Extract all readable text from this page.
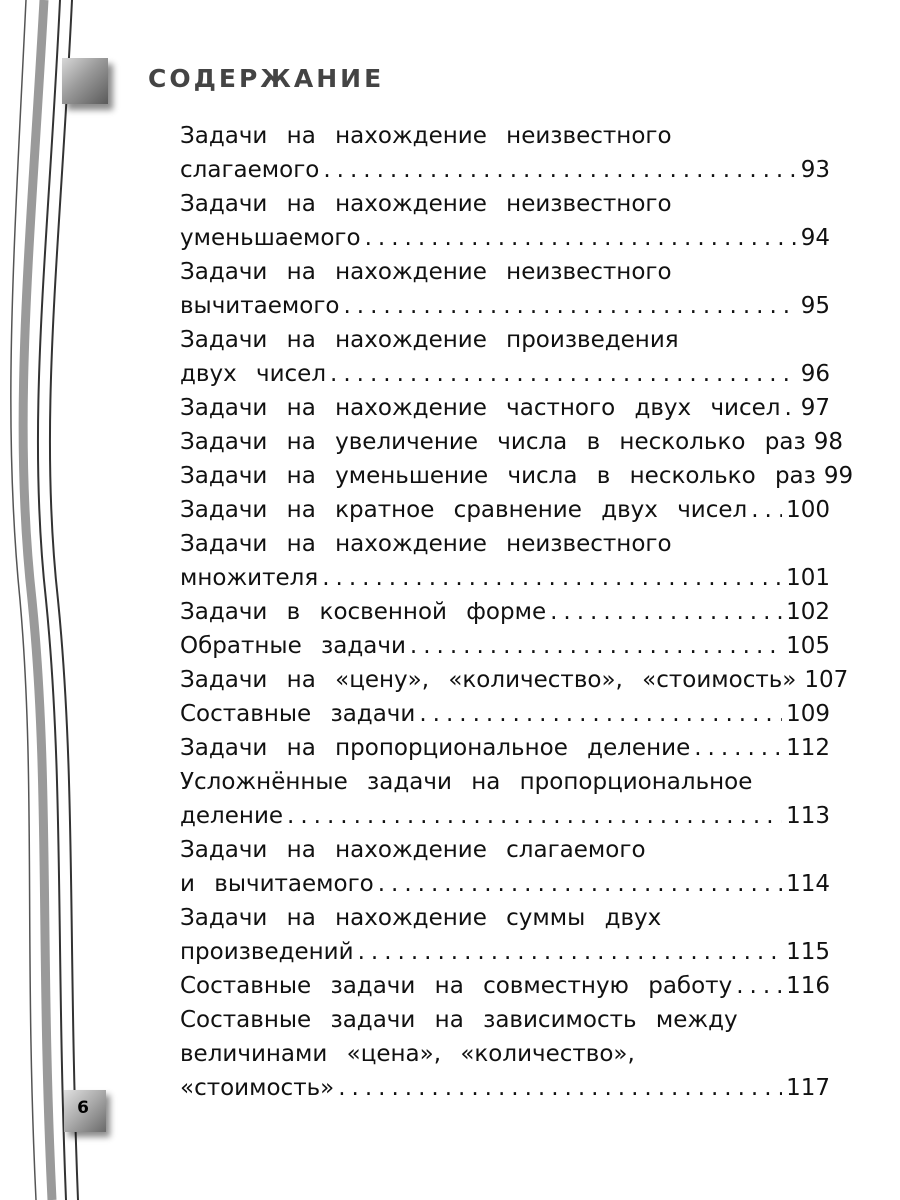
СОДЕРЖАНИЕ
Задачи на нахождение неизвестного
слагаемого .....	93
Задачи на нахождение неизвестного
уменьшаемого .....	94
Задачи на нахождение неизвестного
вычитаемого .....	95
Задачи на нахождение произведения
двух чисел .....	96
Задачи на нахождение частного двух чисел ..... 97
Задачи на увеличение числа в несколько раз 98
Задачи на уменьшение числа в несколько раз 99
Задачи на кратное сравнение двух чисел ..... 100
Задачи на нахождение неизвестного
множителя .....	101
Задачи в косвенной форме .....	102
Обратные задачи .....	105
Задачи на «цену», «количество», «стоимость» 107
Составные задачи .....	109
Задачи на пропорциональное деление .....	112
Усложнённые задачи на пропорциональное
деление .....	113
Задачи на нахождение слагаемого
и вычитаемого .....	114
Задачи на нахождение суммы двух
произведений .....	115
Составные задачи на совместную работу ..... 116
Составные задачи на зависимость между
величинами «цена», «количество»,
«стоимость» .....	117
6
